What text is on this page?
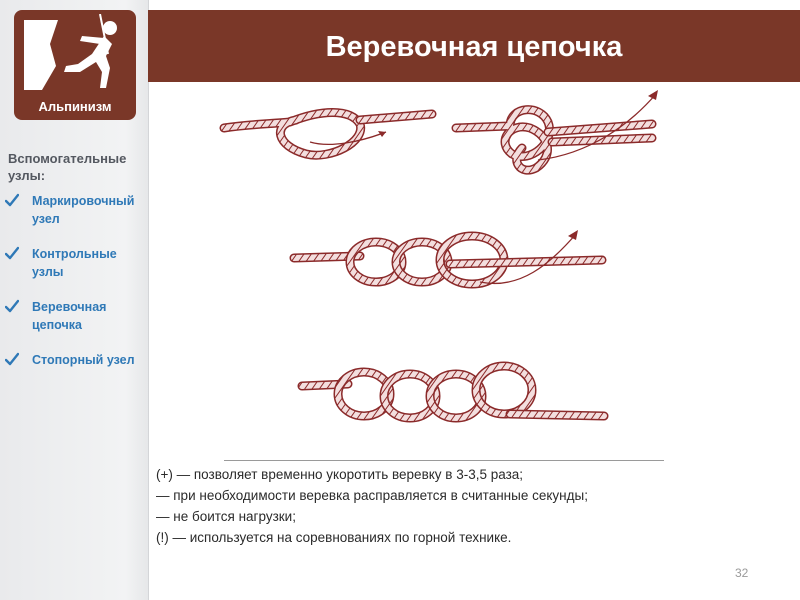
Альпинизм
Вспомогательные узлы:
Маркировочный узел
Контрольные узлы
Веревочная цепочка
Стопорный узел
Веревочная цепочка
(+) — позволяет временно укоротить веревку в 3-3,5 раза;
— при необходимости веревка расправляется в считанные секунды;
— не боится нагрузки;
(!) — используется на соревнованиях по горной технике.
32
